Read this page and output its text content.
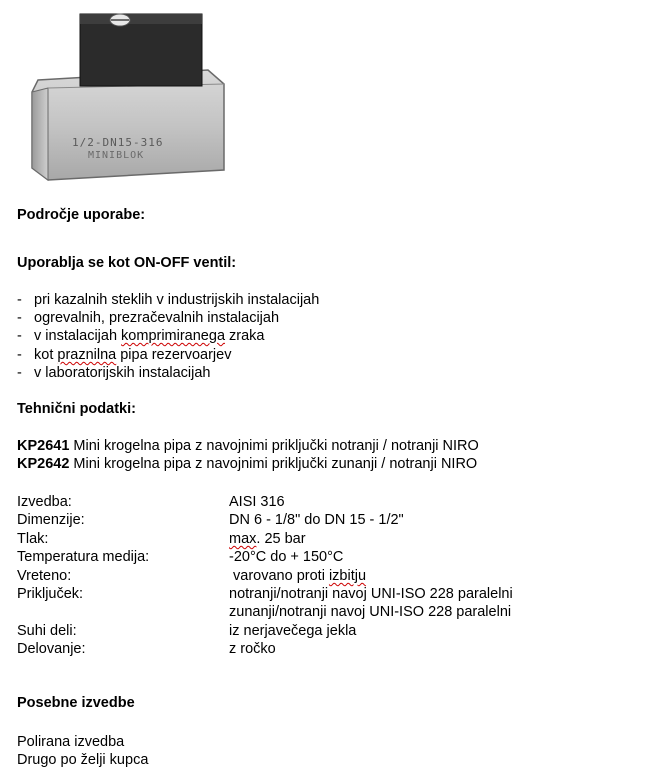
1/2-DN15-316
MINIBLOK
Področje uporabe:
Uporablja se kot ON-OFF ventil:
- pri kazalnih steklih v industrijskih instalacijah
- ogrevalnih, prezračevalnih instalacijah
- v instalacijah komprimiranega zraka
- kot praznilna pipa rezervoarjev
- v laboratorijskih instalacijah
Tehnični podatki:
KP2641 Mini krogelna pipa z navojnimi priključki notranji / notranji NIRO
KP2642 Mini krogelna pipa z navojnimi priključki zunanji / notranji NIRO
Izvedba:	AISI 316
Dimenzije:	DN 6 - 1/8" do DN 15 - 1/2"
Tlak:	max. 25 bar
Temperatura medija:	-20°C do + 150°C
Vreteno:	varovano proti izbitju
Priključek:	notranji/notranji navoj UNI-ISO 228 paralelni
zunanji/notranji navoj UNI-ISO 228 paralelni
Suhi deli:	iz nerjavečega jekla
Delovanje:	z ročko
Posebne izvedbe
Polirana izvedba
Drugo po želji kupca
